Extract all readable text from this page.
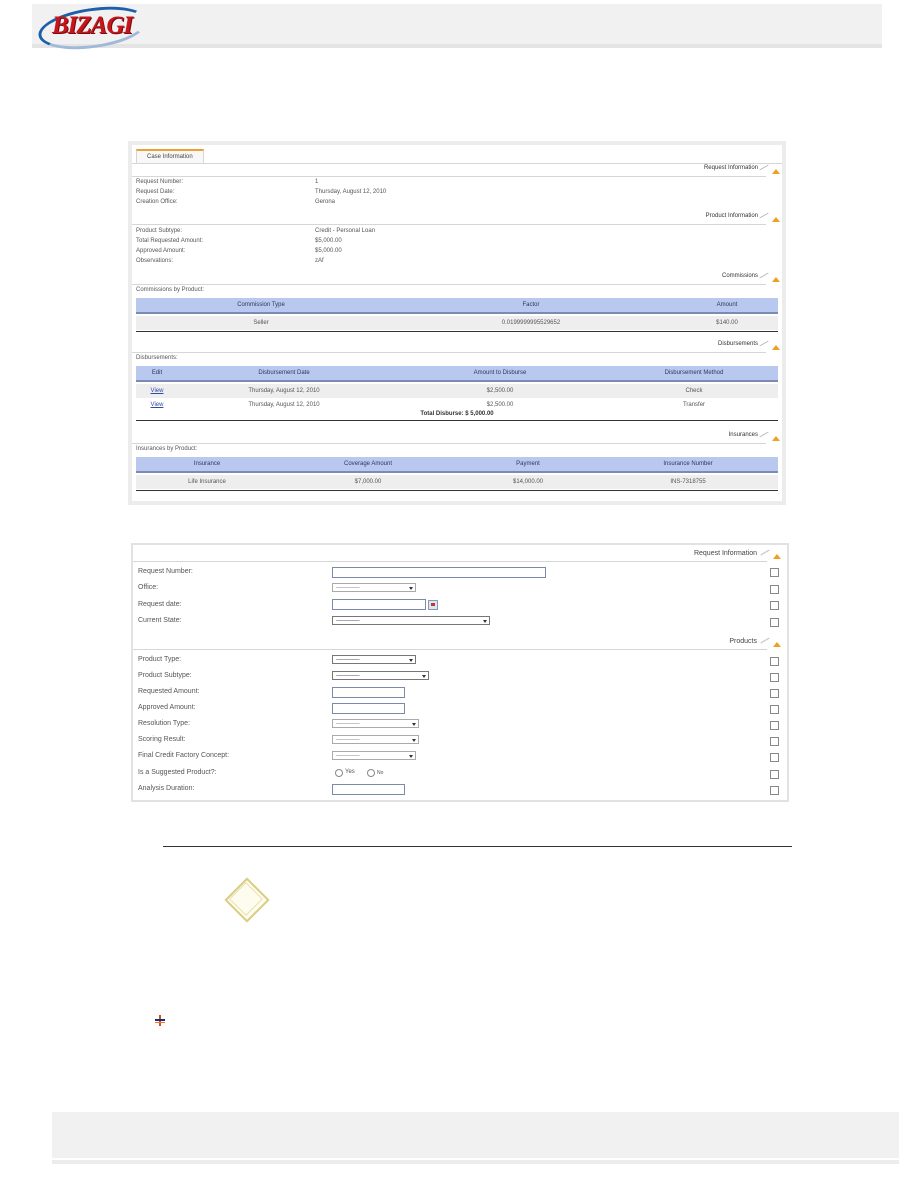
BIZAGI
Case Information
Request Information
Request Number:	1
Request Date:	Thursday, August 12, 2010
Creation Office:	Gerona
Product Information
Product Subtype:	Credit - Personal Loan
Total Requested Amount:	$5,000.00
Approved Amount:	$5,000.00
Observations:	zAf
Commissions
Commissions by Product:
Commission Type	Factor	Amount
Seller	0.0199999995529652	$140.00
Disbursements
Disbursements:
Edit	Disbursement Date	Amount to Disburse	Disbursement Method
View	Thursday, August 12, 2010	$2,500.00	Check
View	Thursday, August 12, 2010	$2,500.00	Transfer
Total Disburse: $ 5,000.00
Insurances
Insurances by Product:
Insurance	Coverage Amount	Payment	Insurance Number
Life Insurance	$7,000.00	$14,000.00	INS-7318755
Request Information
Request Number:
Office:	--------------------
Request date:
Current State:	--------------------
Products
Product Type:	--------------------
Product Subtype:	--------------------
Requested Amount:
Approved Amount:
Resolution Type:	--------------------
Scoring Result:	--------------------
Final Credit Factory Concept:	--------------------
Is a Suggested Product?:	Yes	No
Analysis Duration:
